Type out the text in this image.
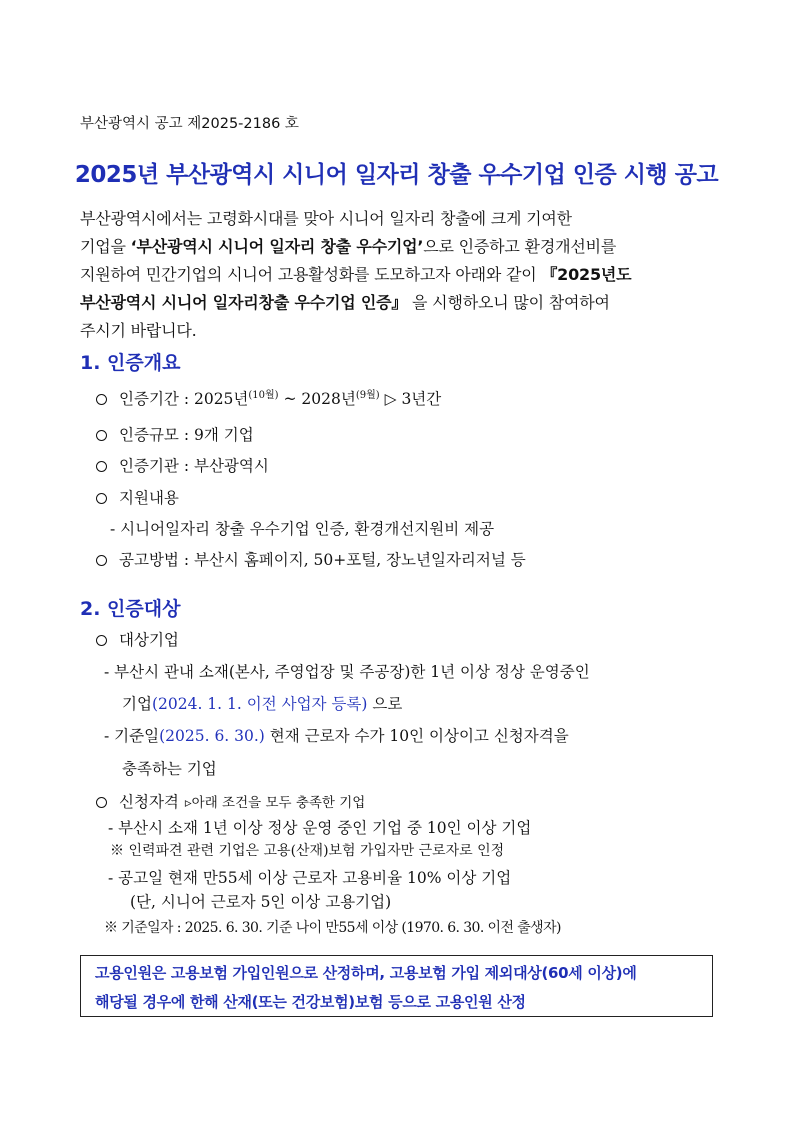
부산광역시 공고 제2025-2186 호
2025년 부산광역시 시니어 일자리 창출 우수기업 인증 시행 공고
부산광역시에서는 고령화시대를 맞아 시니어 일자리 창출에 크게 기여한
기업을 ‘부산광역시 시니어 일자리 창출 우수기업’으로 인증하고 환경개선비를
지원하여 민간기업의 시니어 고용활성화를 도모하고자 아래와 같이 『2025년도
부산광역시 시니어 일자리창출 우수기업 인증』 을 시행하오니 많이 참여하여
주시기 바랍니다.
1. 인증개요
인증기간 : 2025년$^{(10월)}$ ~ 2028년$^{(9월)}$ ▷ 3년간
인증규모 : 9개 기업
인증기관 : 부산광역시
지원내용
- 시니어일자리 창출 우수기업 인증, 환경개선지원비 제공
공고방법 : 부산시 홈페이지, 50+포털, 장노년일자리저널 등
2. 인증대상
대상기업
- 부산시 관내 소재(본사, 주영업장 및 주공장)한 1년 이상 정상 운영중인
기업(2024. 1. 1. 이전 사업자 등록) 으로
- 기준일(2025. 6. 30.) 현재 근로자 수가 10인 이상이고 신청자격을
충족하는 기업
신청자격 ▹아래 조건을 모두 충족한 기업
- 부산시 소재 1년 이상 정상 운영 중인 기업 중 10인 이상 기업
※ 인력파견 관련 기업은 고용(산재)보험 가입자만 근로자로 인정
- 공고일 현재 만55세 이상 근로자 고용비율 10% 이상 기업
(단, 시니어 근로자 5인 이상 고용기업)
※ 기준일자 : 2025. 6. 30. 기준 나이 만55세 이상 (1970. 6. 30. 이전 출생자)
고용인원은 고용보험 가입인원으로 산정하며, 고용보험 가입 제외대상(60세 이상)에
해당될 경우에 한해 산재(또는 건강보험)보험 등으로 고용인원 산정
